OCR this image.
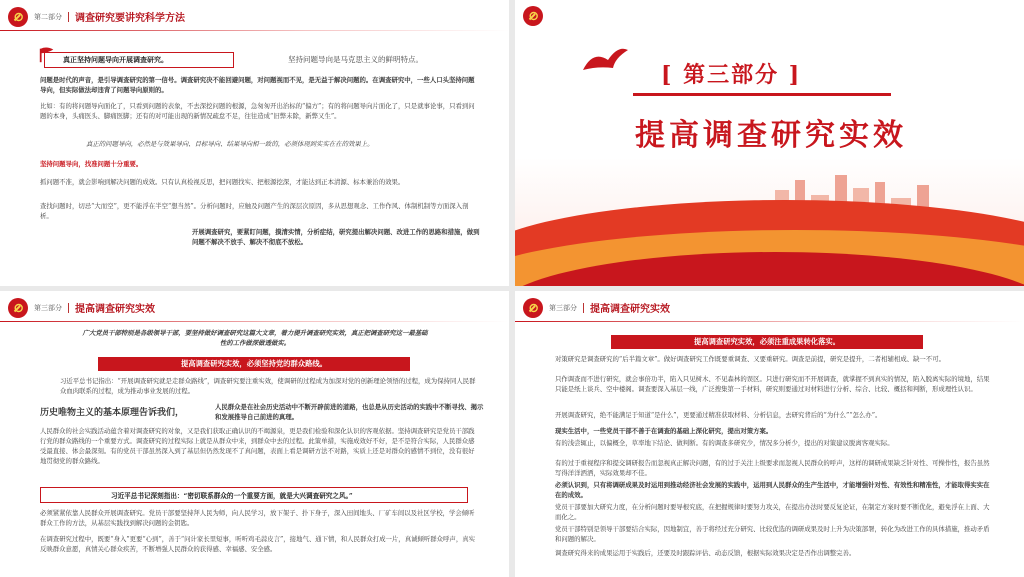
第二部分	调查研究要讲究科学方法
真正坚持问题导向开展调查研究。	坚持问题导向是马克思主义的鲜明特点。
问题是时代的声音，是引导调查研究的第一信号。调查研究决不能回避问题，对问题视而不见，是无益于解决问题的。在调查研究中，一些人口头坚持问题导向，但实际做法却违背了问题导向原则的。
比如：有的将问题导向面化了，只看到问题的表象，不去深挖问题的根源，急匆匆开出治标的“偏方”；有的将问题导向片面化了，只是就事论事，只看到问题的本身，头痛医头、脚痛医脚；还有的对可能出现的新情况疏怠不足，往往造成“旧弊未除，新弊又生”。
真正的问题导向，必然是与效果导向、目标导向、结果导向相一致的，必须体现到实实在在的效果上。
坚持问题导向，找准问题十分重要。
抓问题不准，就会影响到解决问题的成效。只有认真检视反思，把问题找实、把根源挖深，才能达到正本清源、标本兼治的效果。
查找问题时，切忌“大而空”，更不能浮在半空“想当然”。分析问题时，应触及问题产生的深层次原因，多从思想观念、工作作风、体制机制等方面深入剖析。
开展调查研究，要紧盯问题，摸清实情，分析症结，研究提出解决问题、改进工作的思路和措施，做到问题不解决不放手、解决不彻底不放松。
[ 第三部分 ]
提高调查研究实效
第三部分	提高调查研究实效
广大党员干部特别是各级领导干部，要坚持做好调查研究这篇大文章，着力提升调查研究实效，真正把调查研究这一最基础性的工作做深做透做实。
提高调查研究实效，必须坚持党的群众路线。
习近平总书记指出：“开展调查研究就是走群众路线”，调查研究要注重实效，使调研的过程成为加深对党的创新理论领悟的过程，成为保持同人民群众血肉联系的过程，成为推动事业发展的过程。
历史唯物主义的基本原理告诉我们，
人民群众是在社会历史活动中不断开辟前进的道路，也总是从历史活动的实践中不断寻找、揭示和发展推导自己前进的真理。
人民群众的社会实践活动蕴含着对调查研究的对象，又是我们获取正确认识的不竭源泉，更是我们检验和深化认识的客观依据。坚持调查研究是党员干部践行党的群众路线的一个重要方式。调查研究的过程实际上就是从群众中来，到群众中去的过程。此策单措，实施成效好不好，是不是符合实际，人民群众感受最直接、体会最深刻。有的党员干部虽然深入到了基层但仍然发现不了真问题，表面上看是调研方法不对路，实质上还是对群众的感情不到位，没有很好地贯彻党的群众路线。
习近平总书记深刻指出：“密切联系群众的一个重要方面，就是大兴调查研究之风。”
必须紧紧依靠人民群众开展调查研究。党员干部要坚持拜人民为师，向人民学习，放下架子、扑下身子，深入田间地头、厂矿车间以及社区学校，学会倾听群众工作的方法，从基层实践找到解决问题的金钥匙。
在调查研究过程中，既要“身入”更要“心到”，善于“问计家长里短事，听听鸡毛蒜皮言”，接地气、通下情，和人民群众打成一片，真诚倾听群众呼声，真实反映群众意愿，真情关心群众疾苦，不断增强人民群众的获得感、幸福感、安全感。
第三部分	提高调查研究实效
提高调查研究实效，必须注重成果转化落实。
对策研究是调查研究的“后半篇文章”。做好调查研究工作既要重调查、又要重研究。调查是前提，研究是提升，二者相辅相成、缺一不可。
只作调查而不进行研究，就会事倍功半，陷入只见树木、不见森林的误区。只进行研究而不开展调查，就掌握不到真实的情况，陷入脱离实际的境地，结果只能是纸上谈兵、空中楼阁。调查要深入基层一线，广泛搜集第一手材料，研究则要通过对材料进行分析、综合、比较、概括和判断，形成理性认识。
开展调查研究，绝不能满足于知道“是什么”，更要通过精准获取材料、分析信息，去研究背后的“为什么”“怎么办”。
现实生活中，一些党员干部不善于在调查的基础上深化研究，提出对策方案。
有的浅尝辄止，以偏概全，草率地下结论、做判断。有的调查多研究少，情况多分析少，提出的对策建议脱离客观实际。
有的过于重视程序和提交调研报告而忽视真正解决问题，有的过于关注上级要求而忽视人民群众的呼声，这样的调研成果缺乏针对性、可操作性，报告虽然写得洋洋洒洒，实际效果却不佳。
必须认识到，只有将调研成果及时运用到推动经济社会发展的实践中，运用到人民群众的生产生活中，才能增强针对性、有效性和精准性，才能取得实实在在的成效。
党员干部要加大研究力度，在分析问题时要导根究底，在把握规律时要努力攻关，在提出办法时要反复论证，在制定方案时要不断优化，避免浮在上面、大而化之。
党员干部特别是领导干部要结合实际，因地制宜，善于将经过充分研究、比较优选的调研成果及时上升为决策部署，转化为改进工作的具体措施，推动矛盾和问题的解决。
调查研究得来的成果运用于实践后，还要及时跟踪评估、动态反馈，根据实际效果决定是否作出调整完善。
